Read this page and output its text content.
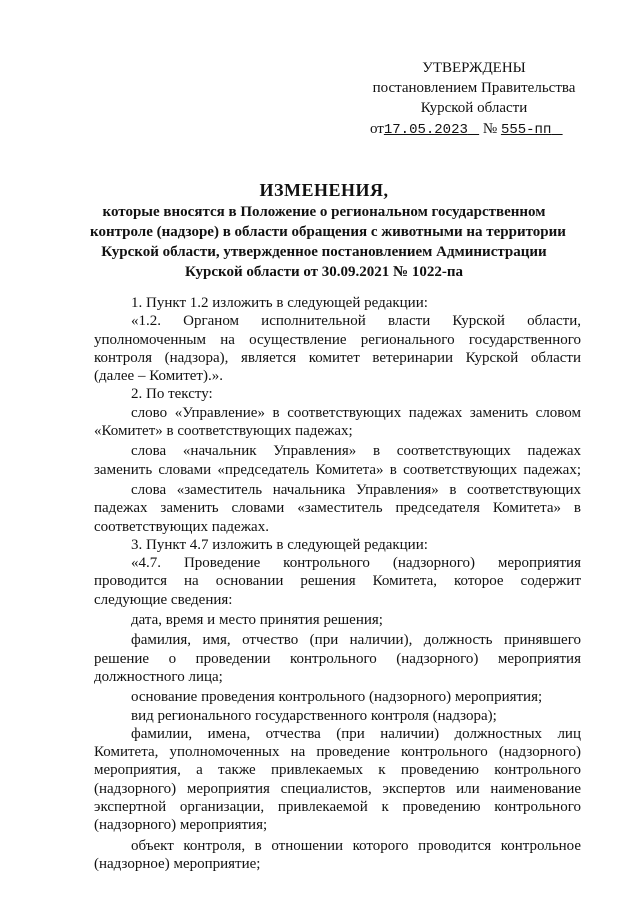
УТВЕРЖДЕНЫ
постановлением Правительства
Курской области
от17.05.2023 № 555-пп
ИЗМЕНЕНИЯ,
которые вносятся в Положение о региональном государственном
контроле (надзоре) в области обращения с животными на территории
Курской области, утвержденное постановлением Администрации
Курской области от 30.09.2021 № 1022-па
1. Пункт 1.2 изложить в следующей редакции:
«1.2. Органом исполнительной власти Курской области,
уполномоченным на осуществление регионального государственного
контроля (надзора), является комитет ветеринарии Курской области
(далее – Комитет).».
2. По тексту:
слово «Управление» в соответствующих падежах заменить словом
«Комитет» в соответствующих падежах;
слова «начальник Управления» в соответствующих падежах
заменить словами «председатель Комитета» в соответствующих падежах;
слова «заместитель начальника Управления» в соответствующих
падежах заменить словами «заместитель председателя Комитета» в
соответствующих падежах.
3. Пункт 4.7 изложить в следующей редакции:
«4.7. Проведение контрольного (надзорного) мероприятия
проводится на основании решения Комитета, которое содержит
следующие сведения:
дата, время и место принятия решения;
фамилия, имя, отчество (при наличии), должность принявшего
решение о проведении контрольного (надзорного) мероприятия
должностного лица;
основание проведения контрольного (надзорного) мероприятия;
вид регионального государственного контроля (надзора);
фамилии, имена, отчества (при наличии) должностных лиц
Комитета, уполномоченных на проведение контрольного (надзорного)
мероприятия, а также привлекаемых к проведению контрольного
(надзорного) мероприятия специалистов, экспертов или наименование
экспертной организации, привлекаемой к проведению контрольного
(надзорного) мероприятия;
объект контроля, в отношении которого проводится контрольное
(надзорное) мероприятие;
